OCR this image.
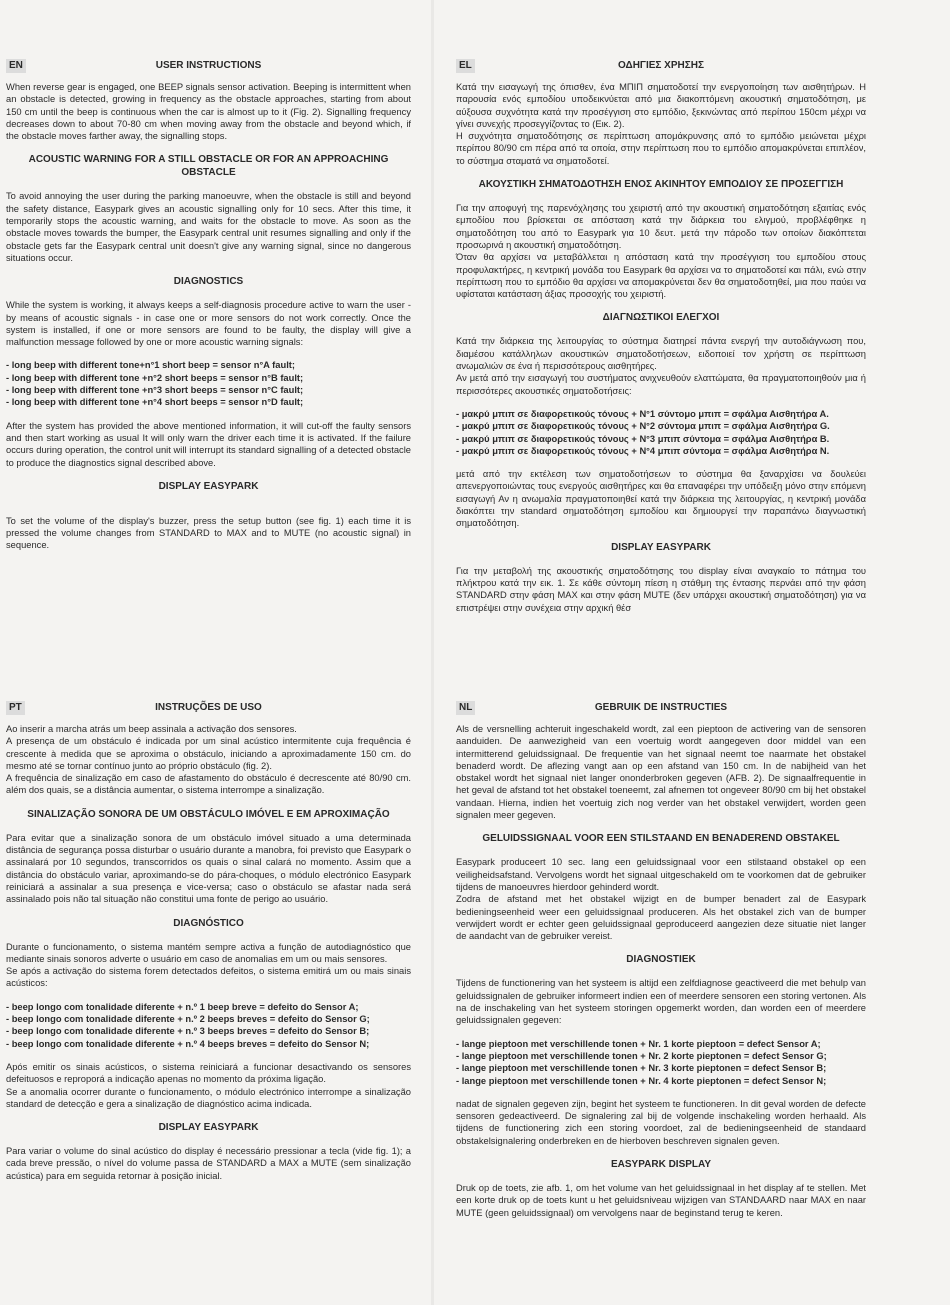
EN	USER INSTRUCTIONS

When reverse gear is engaged, one BEEP signals sensor activation. Beeping is intermittent when an obstacle is detected, growing in frequency as the obstacle approaches, starting from about 150 cm until the beep is continuous when the car is almost up to it (Fig. 2). Signalling frequency decreases down to about 70-80 cm when moving away from the obstacle and beyond which, if the obstacle moves farther away, the signalling stops.

ACOUSTIC WARNING FOR A STILL OBSTACLE OR FOR AN APPROACHING OBSTACLE

To avoid annoying the user during the parking manoeuvre, when the obstacle is still and beyond the safety distance, Easypark gives an acoustic signalling only for 10 secs. After this time, it temporarily stops the acoustic warning, and waits for the obstacle to move. As soon as the obstacle moves towards the bumper, the Easypark central unit resumes signalling and only if the obstacle gets far the Easypark central unit doesn't give any warning signal, since no dangerous situations occur.

DIAGNOSTICS

While the system is working, it always keeps a self-diagnosis procedure active to warn the user - by means of acoustic signals - in case one or more sensors do not work correctly. Once the system is installed, if one or more sensors are found to be faulty, the display will give a malfunction message followed by one or more acoustic warning signals:

- long beep with different tone+n°1 short beep = sensor n°A fault;

- long beep with different tone +n°2 short beeps = sensor n°B fault;

- long beep with different tone +n°3 short beeps = sensor n°C fault;

- long beep with different tone +n°4 short beeps = sensor n°D fault;

After the system has provided the above mentioned information, it will cut-off the faulty sensors and then start working as usual It will only warn the driver each time it is activated. If the failure occurs during operation, the control unit will interrupt its standard signalling of a detected obstacle to produce the diagnostics signal described above.

DISPLAY EASYPARK

To set the volume of the display's buzzer, press the setup button (see fig. 1) each time it is pressed the volume changes from STANDARD to MAX and to MUTE (no acoustic signal) in sequence.

EL	ΟΔΗΓΙΕΣ ΧΡΗΣΗΣ

Κατά την εισαγωγή της όπισθεν, ένα ΜΠΙΠ σηματοδοτεί την ενεργοποίηση των αισθητήρων. Η παρουσία ενός εμποδίου υποδεικνύεται από μια διακοπτόμενη ακουστική σηματοδότηση, με αύξουσα συχνότητα κατά την προσέγγιση στο εμπόδιο, ξεκινώντας από περίπου 150cm μέχρι να γίνει συνεχής προσεγγίζοντας το (Εικ. 2).

Η συχνότητα σηματοδότησης σε περίπτωση απομάκρυνσης από το εμπόδιο μειώνεται μέχρι περίπου 80/90 cm πέρα από τα οποία, στην περίπτωση που το εμπόδιο απομακρύνεται επιπλέον, το σύστημα σταματά να σηματοδοτεί.

ΑΚΟΥΣΤΙΚΗ ΣΗΜΑΤΟΔΟΤΗΣΗ ΕΝΟΣ ΑΚΙΝΗΤΟΥ ΕΜΠΟΔΙΟΥ ΣΕ ΠΡΟΣΕΓΓΙΣΗ

Για την αποφυγή της παρενόχλησης του χειριστή από την ακουστική σηματοδότηση εξαιτίας ενός εμποδίου που βρίσκεται σε απόσταση κατά την διάρκεια του ελιγμού, προβλέφθηκε η σηματοδότηση του από το Easypark για 10 δευτ. μετά την πάροδο των οποίων διακόπτεται προσωρινά η ακουστική σηματοδότηση.

Όταν θα αρχίσει να μεταβάλλεται η απόσταση κατά την προσέγγιση του εμποδίου στους προφυλακτήρες, η κεντρική μονάδα του Easypark θα αρχίσει να το σηματοδοτεί και πάλι, ενώ στην περίπτωση που το εμπόδιο θα αρχίσει να απομακρύνεται δεν θα σηματοδοτηθεί, μια που παύει να υφίσταται κατάσταση άξιας προσοχής του χειριστή.

ΔΙΑΓΝΩΣΤΙΚΟΙ ΕΛΕΓΧΟΙ

Κατά την διάρκεια της λειτουργίας το σύστημα διατηρεί πάντα ενεργή την αυτοδιάγνωση που, διαμέσου κατάλληλων ακουστικών σηματοδοτήσεων, ειδοποιεί τον χρήστη σε περίπτωση ανωμαλιών σε ένα ή περισσότερους αισθητήρες.

Αν μετά από την εισαγωγή του συστήματος ανιχνευθούν ελαττώματα, θα πραγματοποιηθούν μια ή περισσότερες ακουστικές σηματοδοτήσεις:

- μακρύ μπιπ σε διαφορετικούς τόνους + Ν°1 σύντομο μπιπ = σφάλμα Αισθητήρα Α.

- μακρύ μπιπ σε διαφορετικούς τόνους + Ν°2 σύντομα μπιπ = σφάλμα Αισθητήρα G.

- μακρύ μπιπ σε διαφορετικούς τόνους + Ν°3 μπιπ σύντομα = σφάλμα Αισθητήρα Β.

- μακρύ μπιπ σε διαφορετικούς τόνους + Ν°4 μπιπ σύντομα = σφάλμα Αισθητήρα Ν.

μετά από την εκτέλεση των σηματοδοτήσεων το σύστημα θα ξαναρχίσει να δουλεύει απενεργοποιώντας τους ενεργούς αισθητήρες και θα επαναφέρει την υπόδειξη μόνο στην επόμενη εισαγωγή Αν η ανωμαλία πραγματοποιηθεί κατά την διάρκεια της λειτουργίας, η κεντρική μονάδα διακόπτει την standard σηματοδότηση εμποδίου και δημιουργεί την παραπάνω διαγνωστική σηματοδότηση.

DISPLAY EASYPARK

Για την μεταβολή της ακουστικής σηματοδότησης του display είναι αναγκαίο το πάτημα του πλήκτρου κατά την εικ. 1. Σε κάθε σύντομη πίεση η στάθμη της έντασης περνάει από την φάση STANDARD στην φάση MAX και στην φάση MUTE (δεν υπάρχει ακουστική σηματοδότηση) για να επιστρέψει στην συνέχεια στην αρχική θέσ

PT	INSTRUÇÕES DE USO

Ao inserir a marcha atrás um beep assinala a activação dos sensores.

A presença de um obstáculo é indicada por um sinal acústico intermitente cuja frequência é crescente à medida que se aproxima o obstáculo, iniciando a aproximadamente 150 cm. do mesmo até se tornar contínuo junto ao próprio obstáculo (fig. 2).

A frequência de sinalização em caso de afastamento do obstáculo é decrescente até 80/90 cm. além dos quais, se a distância aumentar, o sistema interrompe a sinalização.

SINALIZAÇÃO SONORA DE UM OBSTÁCULO IMÓVEL E EM APROXIMAÇÃO

Para evitar que a sinalização sonora de um obstáculo imóvel situado a uma determinada distância de segurança possa disturbar o usuário durante a manobra, foi previsto que Easypark o assinalará por 10 segundos, transcorridos os quais o sinal calará no momento. Assim que a distância do obstáculo variar, aproximando-se do pára-choques, o módulo electrónico Easypark reiniciará a assinalar a sua presença e vice-versa; caso o obstáculo se afastar nada será assinalado pois não tal situação não constitui uma fonte de perigo ao usuário.

DIAGNÓSTICO

Durante o funcionamento, o sistema mantém sempre activa a função de autodiagnóstico que mediante sinais sonoros adverte o usuário em caso de anomalias em um ou mais sensores.

Se após a activação do sistema forem detectados defeitos, o sistema emitirá um ou mais sinais acústicos:

- beep longo com tonalidade diferente + n.º 1 beep breve = defeito do Sensor A;

- beep longo com tonalidade diferente + n.º 2 beeps breves = defeito do Sensor G;

- beep longo com tonalidade diferente + n.º 3 beeps breves = defeito do Sensor B;

- beep longo com tonalidade diferente + n.º 4 beeps breves = defeito do Sensor N;

Após emitir os sinais acústicos, o sistema reiniciará a funcionar desactivando os sensores defeituosos e reproporá a indicação apenas no momento da próxima ligação.

Se a anomalia ocorrer durante o funcionamento, o módulo electrónico interrompe a sinalização standard de detecção e gera a sinalização de diagnóstico acima indicada.

DISPLAY EASYPARK

Para variar o volume do sinal acústico do display é necessário pressionar a tecla (vide fig. 1); a cada breve pressão, o nível do volume passa de STANDARD a MAX a MUTE (sem sinalização acústica) para em seguida retornar à posição inicial.

NL	GEBRUIK DE INSTRUCTIES

Als de versnelling achteruit ingeschakeld wordt, zal een pieptoon de activering van de sensoren aanduiden. De aanwezigheid van een voertuig wordt aangegeven door middel van een intermitterend geluidssignaal. De frequentie van het signaal neemt toe naarmate het obstakel benaderd wordt. De aflezing vangt aan op een afstand van 150 cm. In de nabijheid van het obstakel wordt het signaal niet langer ononderbroken gegeven (AFB. 2). De signaalfrequentie in het geval de afstand tot het obstakel toeneemt, zal afnemen tot ongeveer 80/90 cm bij het obstakel vandaan. Hierna, indien het voertuig zich nog verder van het obstakel verwijdert, worden geen signalen meer gegeven.

GELUIDSSIGNAAL VOOR EEN STILSTAAND EN BENADEREND OBSTAKEL

Easypark produceert 10 sec. lang een geluidssignaal voor een stilstaand obstakel op een veiligheidsafstand. Vervolgens wordt het signaal uitgeschakeld om te voorkomen dat de gebruiker tijdens de manoeuvres hierdoor gehinderd wordt.

Zodra de afstand met het obstakel wijzigt en de bumper benadert zal de Easypark bedieningseenheid weer een geluidssignaal produceren. Als het obstakel zich van de bumper verwijdert wordt er echter geen geluidssignaal geproduceerd aangezien deze situatie niet langer de aandacht van de gebruiker vereist.

DIAGNOSTIEK

Tijdens de functionering van het systeem is altijd een zelfdiagnose geactiveerd die met behulp van geluidssignalen de gebruiker informeert indien een of meerdere sensoren een storing vertonen. Als na de inschakeling van het systeem storingen opgemerkt worden, dan worden een of meerdere geluidssignalen gegeven:

- lange pieptoon met verschillende tonen + Nr. 1 korte pieptoon = defect Sensor A;

- lange pieptoon met verschillende tonen + Nr. 2 korte pieptonen = defect Sensor G;

- lange pieptoon met verschillende tonen + Nr. 3 korte pieptonen = defect Sensor B;

- lange pieptoon met verschillende tonen + Nr. 4 korte pieptonen = defect Sensor N;

nadat de signalen gegeven zijn, begint het systeem te functioneren. In dit geval worden de defecte sensoren gedeactiveerd. De signalering zal bij de volgende inschakeling worden herhaald. Als tijdens de functionering zich een storing voordoet, zal de bedieningseenheid de standaard obstakelsignalering onderbreken en de hierboven beschreven signalen geven.

EASYPARK DISPLAY

Druk op de toets, zie afb. 1, om het volume van het geluidssignaal in het display af te stellen. Met een korte druk op de toets kunt u het geluidsniveau wijzigen van STANDAARD naar MAX en naar MUTE (geen geluidssignaal) om vervolgens naar de beginstand terug te keren.
